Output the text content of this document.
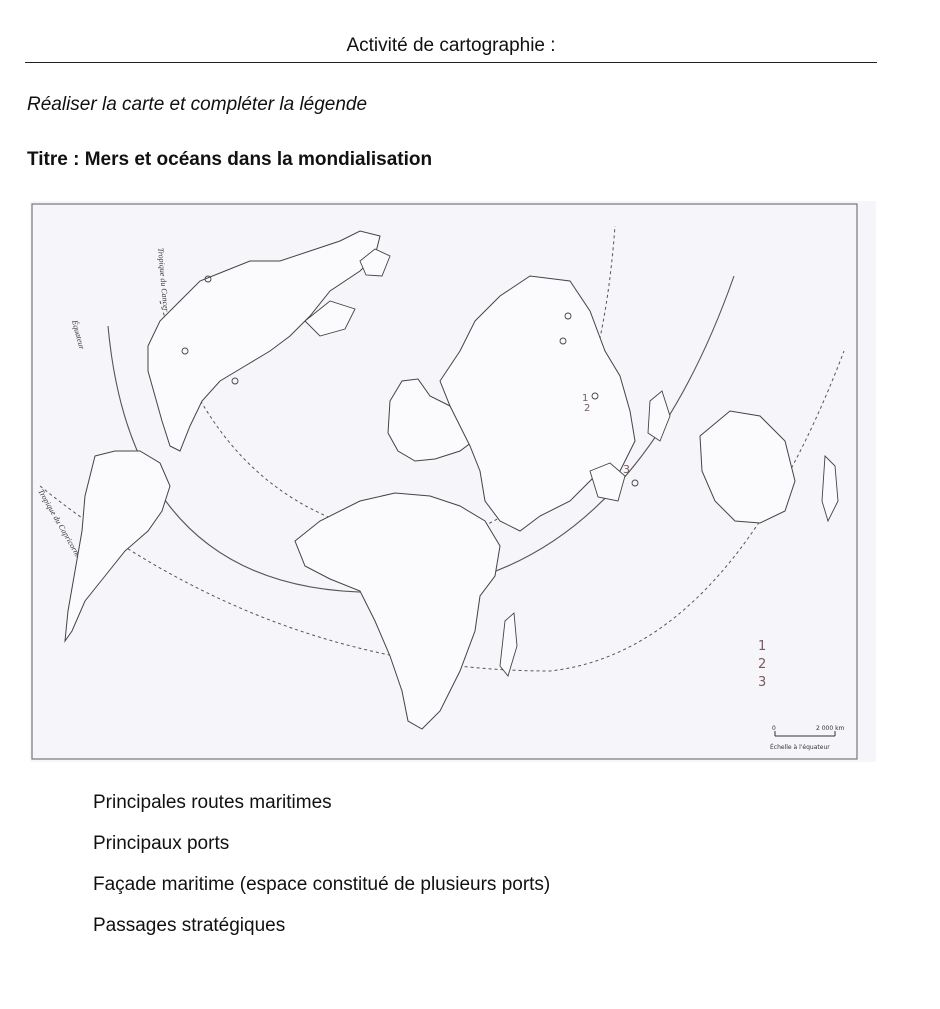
Activité de cartographie :
Réaliser la carte et compléter la légende
Titre : Mers et océans dans la mondialisation
Tropique du Cancer
Équateur
Tropique du Capricorne
1
2
3
1
2
3
0	2 000 km
Échelle à l'équateur
Principales routes maritimes
Principaux ports
Façade maritime (espace constitué de plusieurs ports)
Passages stratégiques
